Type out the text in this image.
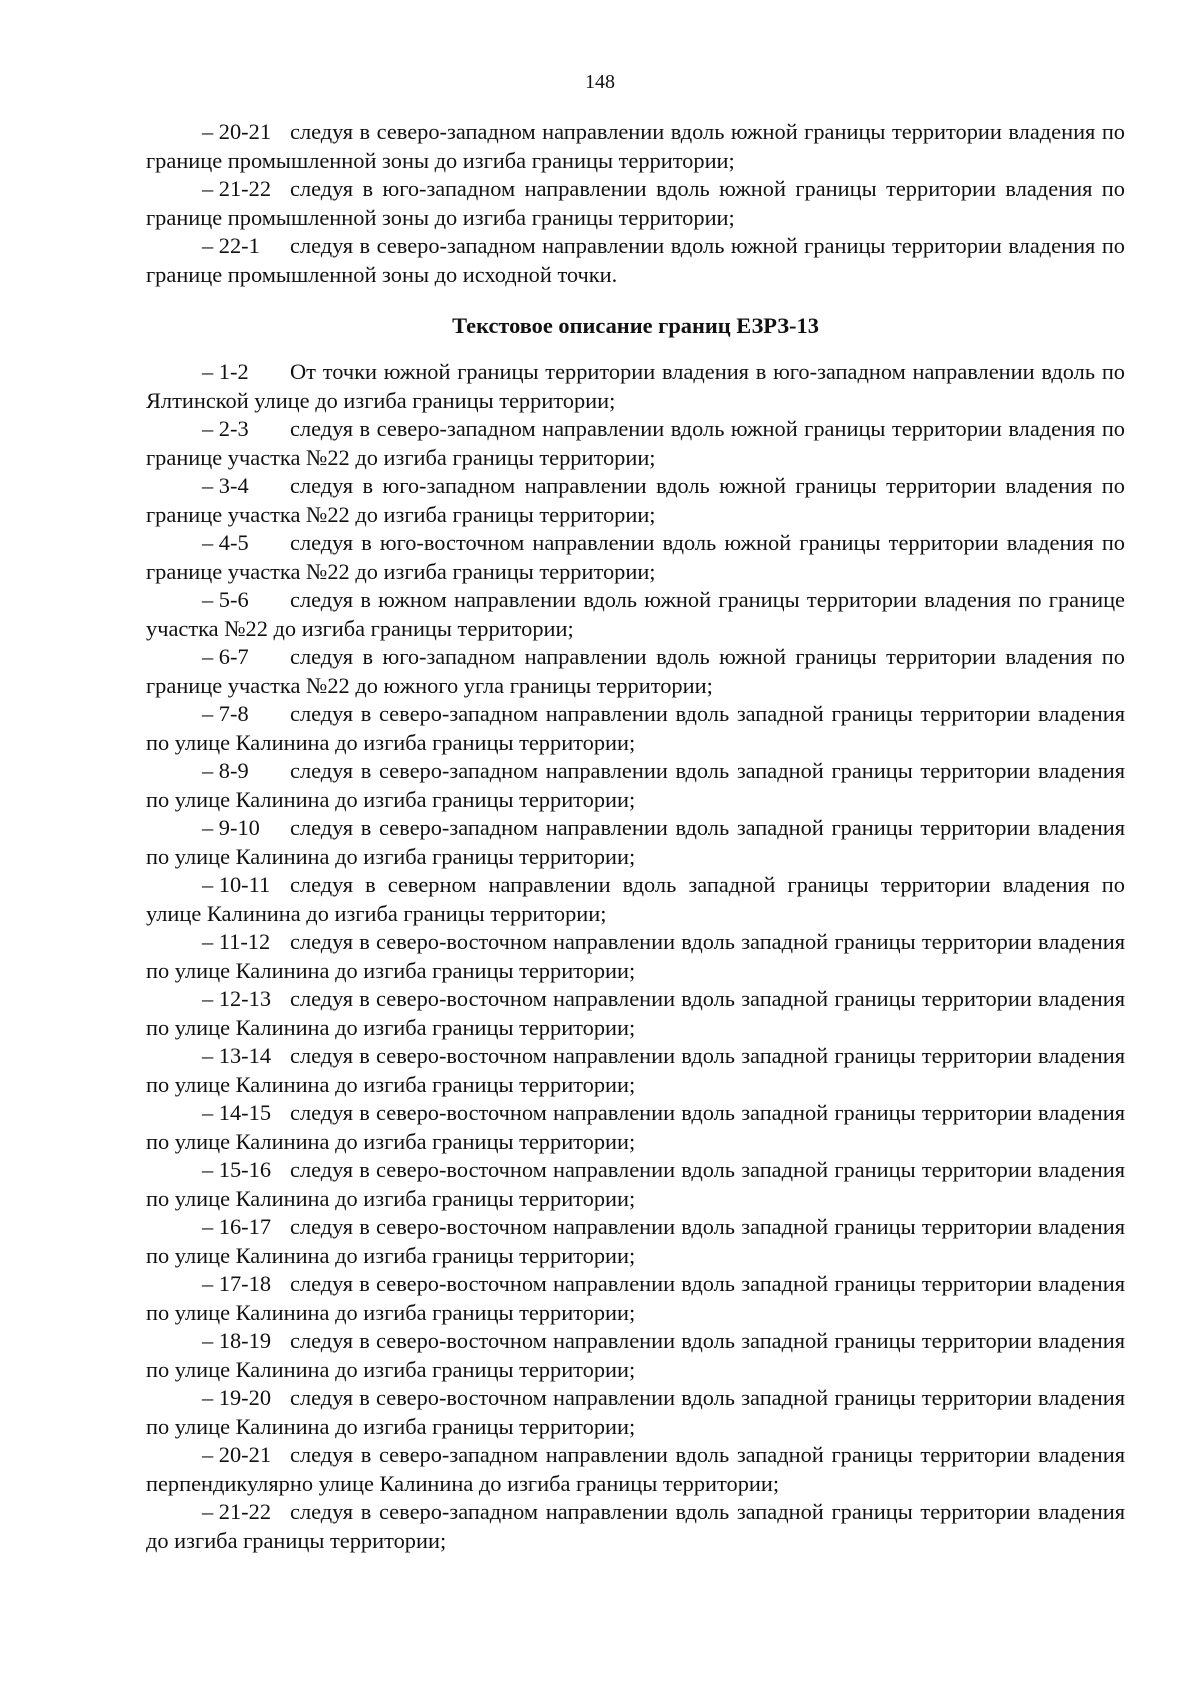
148

– 20-21 следуя в северо-западном направлении вдоль южной границы территории владения по границе промышленной зоны до изгиба границы территории;

– 21-22 следуя в юго-западном направлении вдоль южной границы территории владения по границе промышленной зоны до изгиба границы территории;

– 22-1 следуя в северо-западном направлении вдоль южной границы территории владения по границе промышленной зоны до исходной точки.

Текстовое описание границ ЕЗРЗ-13

– 1-2 От точки южной границы территории владения в юго-западном направлении вдоль по Ялтинской улице до изгиба границы территории;

– 2-3 следуя в северо-западном направлении вдоль южной границы территории владения по границе участка №22 до изгиба границы территории;

– 3-4 следуя в юго-западном направлении вдоль южной границы территории владения по границе участка №22 до изгиба границы территории;

– 4-5 следуя в юго-восточном направлении вдоль южной границы территории владения по границе участка №22 до изгиба границы территории;

– 5-6 следуя в южном направлении вдоль южной границы территории владения по границе участка №22 до изгиба границы территории;

– 6-7 следуя в юго-западном направлении вдоль южной границы территории владения по границе участка №22 до южного угла границы территории;

– 7-8 следуя в северо-западном направлении вдоль западной границы территории владения по улице Калинина до изгиба границы территории;

– 8-9 следуя в северо-западном направлении вдоль западной границы территории владения по улице Калинина до изгиба границы территории;

– 9-10 следуя в северо-западном направлении вдоль западной границы территории владения по улице Калинина до изгиба границы территории;

– 10-11 следуя в северном направлении вдоль западной границы территории владения по улице Калинина до изгиба границы территории;

– 11-12 следуя в северо-восточном направлении вдоль западной границы территории владения по улице Калинина до изгиба границы территории;

– 12-13 следуя в северо-восточном направлении вдоль западной границы территории владения по улице Калинина до изгиба границы территории;

– 13-14 следуя в северо-восточном направлении вдоль западной границы территории владения по улице Калинина до изгиба границы территории;

– 14-15 следуя в северо-восточном направлении вдоль западной границы территории владения по улице Калинина до изгиба границы территории;

– 15-16 следуя в северо-восточном направлении вдоль западной границы территории владения по улице Калинина до изгиба границы территории;

– 16-17 следуя в северо-восточном направлении вдоль западной границы территории владения по улице Калинина до изгиба границы территории;

– 17-18 следуя в северо-восточном направлении вдоль западной границы территории владения по улице Калинина до изгиба границы территории;

– 18-19 следуя в северо-восточном направлении вдоль западной границы территории владения по улице Калинина до изгиба границы территории;

– 19-20 следуя в северо-восточном направлении вдоль западной границы территории владения по улице Калинина до изгиба границы территории;

– 20-21 следуя в северо-западном направлении вдоль западной границы территории владения перпендикулярно улице Калинина до изгиба границы территории;

– 21-22 следуя в северо-западном направлении вдоль западной границы территории владения до изгиба границы территории;
